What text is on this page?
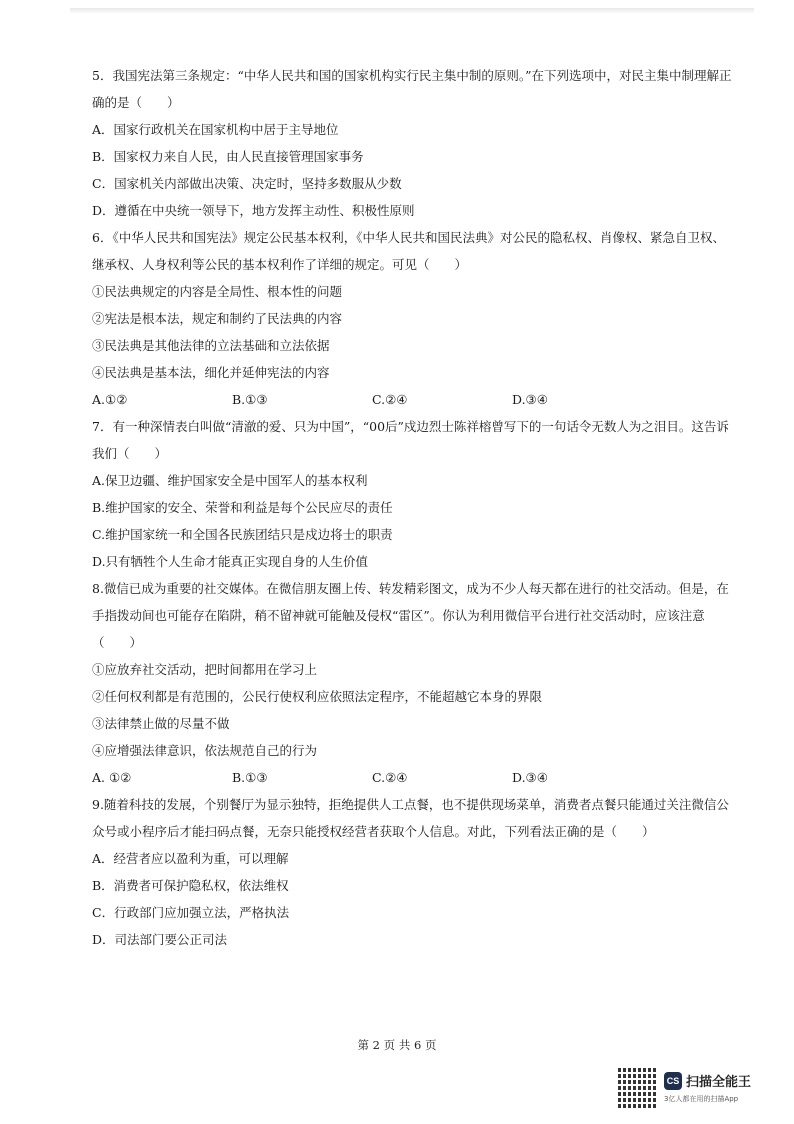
5．我国宪法第三条规定：“中华人民共和国的国家机构实行民主集中制的原则。”在下列选项中，对民主集中制理解正确的是（　　）

A．国家行政机关在国家机构中居于主导地位

B．国家权力来自人民，由人民直接管理国家事务

C．国家机关内部做出决策、决定时，坚持多数服从少数

D．遵循在中央统一领导下，地方发挥主动性、积极性原则

6．《中华人民共和国宪法》规定公民基本权利，《中华人民共和国民法典》对公民的隐私权、肖像权、紧急自卫权、继承权、人身权利等公民的基本权利作了详细的规定。可见（　　）

①民法典规定的内容是全局性、根本性的问题

②宪法是根本法，规定和制约了民法典的内容

③民法典是其他法律的立法基础和立法依据

④民法典是基本法，细化并延伸宪法的内容

A.①②	B.①③	C.②④	D.③④

7．有一种深情表白叫做“清澈的爱、只为中国”，“00后”戍边烈士陈祥榕曾写下的一句话令无数人为之泪目。这告诉我们（　　）

A.保卫边疆、维护国家安全是中国军人的基本权利

B.维护国家的安全、荣誉和利益是每个公民应尽的责任

C.维护国家统一和全国各民族团结只是戍边将士的职责

D.只有牺牲个人生命才能真正实现自身的人生价值

8.微信已成为重要的社交媒体。在微信朋友圈上传、转发精彩图文，成为不少人每天都在进行的社交活动。但是，在手指拨动间也可能存在陷阱，稍不留神就可能触及侵权“雷区”。你认为利用微信平台进行社交活动时，应该注意（　　）

①应放弃社交活动，把时间都用在学习上

②任何权利都是有范围的，公民行使权利应依照法定程序，不能超越它本身的界限

③法律禁止做的尽量不做

④应增强法律意识，依法规范自己的行为

A. ①②	B.①③	C.②④	D.③④

9.随着科技的发展，个别餐厅为显示独特，拒绝提供人工点餐，也不提供现场菜单，消费者点餐只能通过关注微信公众号或小程序后才能扫码点餐，无奈只能授权经营者获取个人信息。对此，下列看法正确的是（　　）

A．经营者应以盈利为重，可以理解

B．消费者可保护隐私权，依法维权

C．行政部门应加强立法，严格执法

D．司法部门要公正司法

第 2 页 共 6 页
CS 扫描全能王
3亿人都在用的扫描App
